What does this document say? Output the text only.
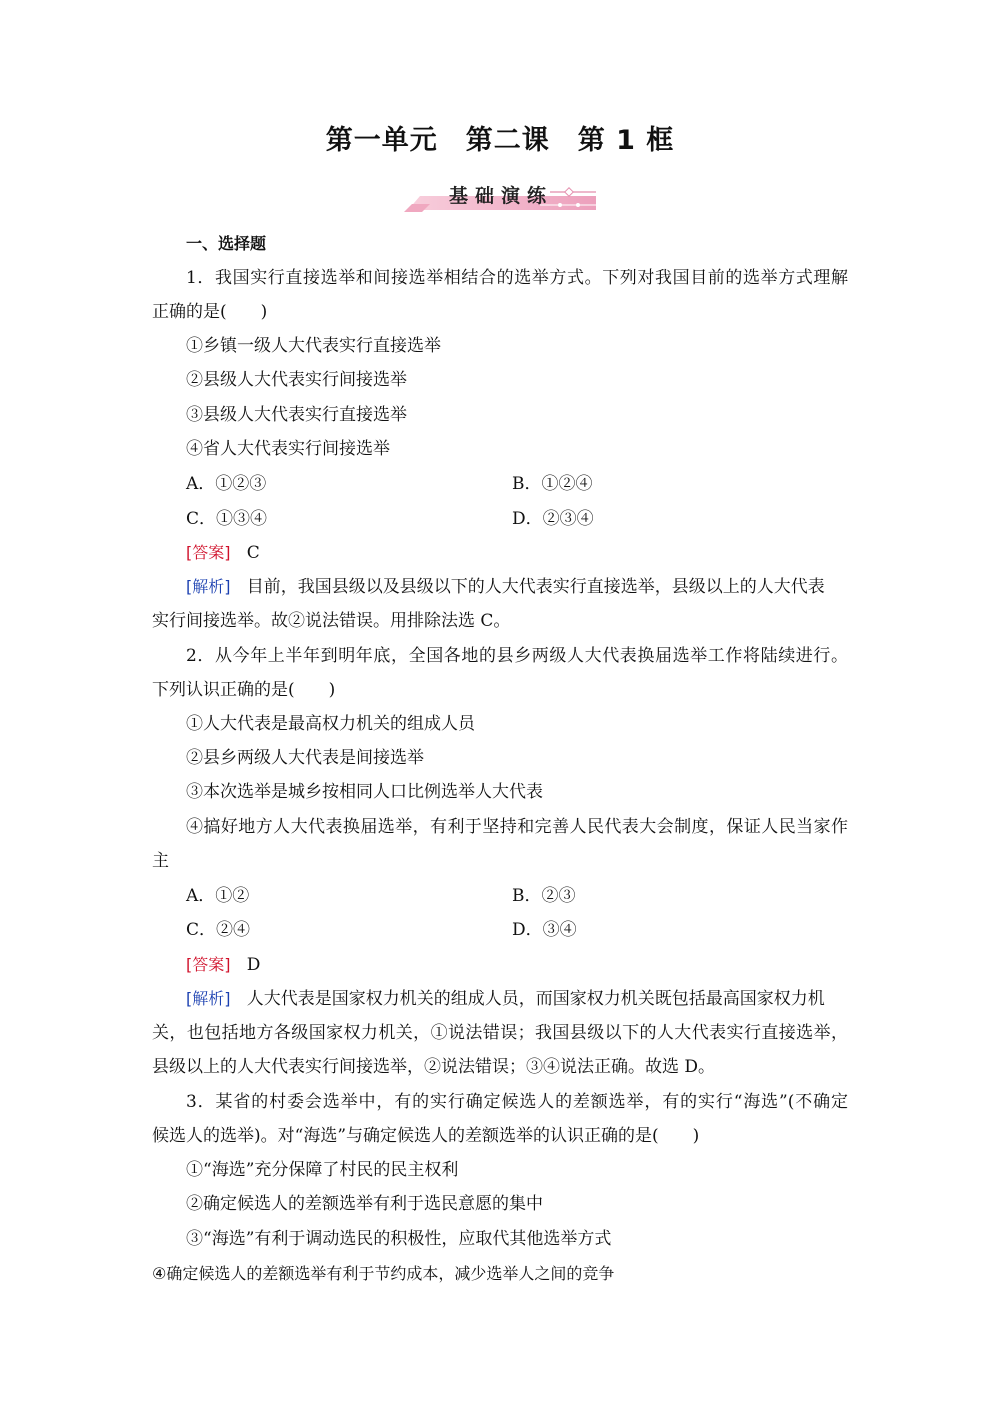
第一单元 第二课 第 1 框
基础演练
一、选择题
1．我国实行直接选举和间接选举相结合的选举方式。下列对我国目前的选举方式理解
正确的是(　　)
①乡镇一级人大代表实行直接选举
②县级人大代表实行间接选举
③县级人大代表实行直接选举
④省人大代表实行间接选举
A．①②③	B．①②④
C．①③④	D．②③④
[答案] C
[解析] 目前，我国县级以及县级以下的人大代表实行直接选举，县级以上的人大代表
实行间接选举。故②说法错误。用排除法选 C。
2．从今年上半年到明年底，全国各地的县乡两级人大代表换届选举工作将陆续进行。
下列认识正确的是(　　)
①人大代表是最高权力机关的组成人员
②县乡两级人大代表是间接选举
③本次选举是城乡按相同人口比例选举人大代表
④搞好地方人大代表换届选举，有利于坚持和完善人民代表大会制度，保证人民当家作
主
A．①②	B．②③
C．②④	D．③④
[答案] D
[解析] 人大代表是国家权力机关的组成人员，而国家权力机关既包括最高国家权力机
关，也包括地方各级国家权力机关，①说法错误；我国县级以下的人大代表实行直接选举，
县级以上的人大代表实行间接选举，②说法错误；③④说法正确。故选 D。
3．某省的村委会选举中，有的实行确定候选人的差额选举，有的实行“海选”(不确定
候选人的选举)。对“海选”与确定候选人的差额选举的认识正确的是(　　)
①“海选”充分保障了村民的民主权利
②确定候选人的差额选举有利于选民意愿的集中
③“海选”有利于调动选民的积极性，应取代其他选举方式
④确定候选人的差额选举有利于节约成本，减少选举人之间的竞争
